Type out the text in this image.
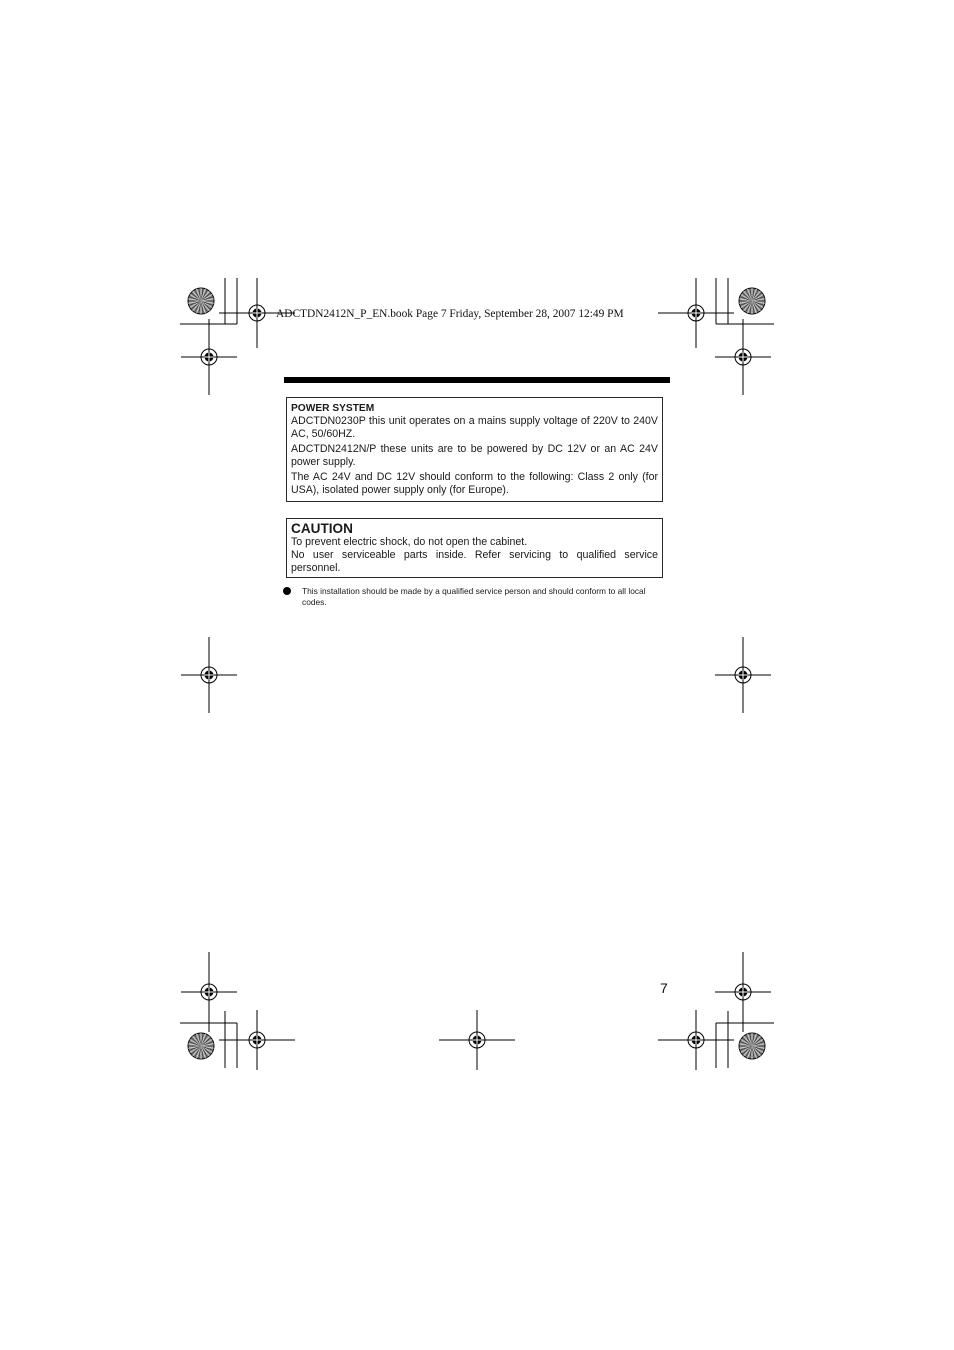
ADCTDN2412N_P_EN.book Page 7 Friday, September 28, 2007 12:49 PM

POWER SYSTEM

ADCTDN0230P this unit operates on a mains supply voltage of 220V to 240V AC, 50/60HZ.

ADCTDN2412N/P these units are to be powered by DC 12V or an AC 24V power supply.

The AC 24V and DC 12V should conform to the following: Class 2 only (for USA), isolated power supply only (for Europe).

CAUTION

To prevent electric shock, do not open the cabinet.

No user serviceable parts inside. Refer servicing to qualified service personnel.

This installation should be made by a qualified service person and should conform to all local codes.
7
